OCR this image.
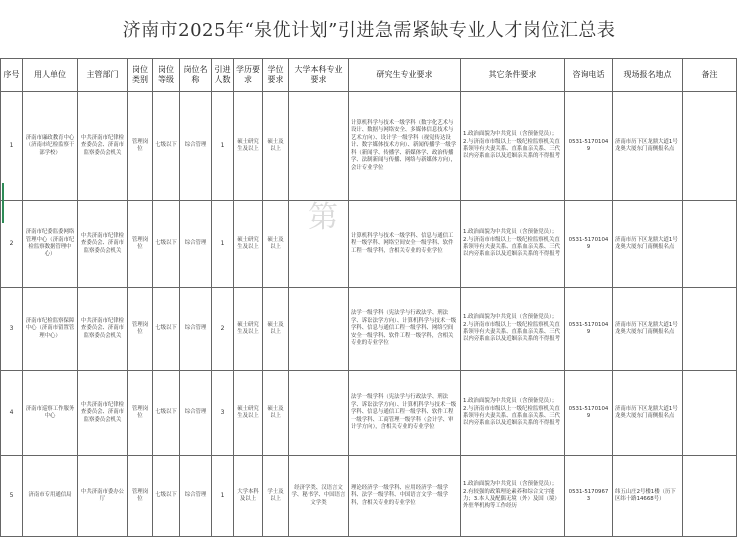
济南市2025年“泉优计划”引进急需紧缺专业人才岗位汇总表
序号	用人单位	主管部门	岗位类别	岗位等级	岗位名称	引进人数	学历要求	学位要求	大学本科专业要求	研究生专业要求	其它条件要求	咨询电话	现场报名地点	备注
1	济南市廉政教育中心（济南市纪检监察干部学校）	中共济南市纪律检查委员会、济南市监察委员会机关	管理岗位	七级以下	综合管理	1	硕士研究生及以上	硕士及以上		计算机科学与技术一级学科（数字化艺术与设计、数据与网络安全、多媒体信息技术与艺术方向）、设计学一级学科（视觉传达设计、数字媒体技术方向）、新闻传播学一级学科（新闻学、传播学、新媒体学、政治传播学、法制新闻与传播、网络与新媒体方向），会计专业学位	1.政治面貌为中共党员（含预备党员）；2.与济南市市级以上一级纪检监察机关直系领导有夫妻关系、直系血亲关系、三代以内旁系血亲以及近姻亲关系的不得报考	0531-51701049	济南市历下区龙鼎大道1号龙奥大厦东门南侧报名点	
2	济南市纪委监委网络管理中心（济南市纪检监察数据管理中心）	中共济南市纪律检查委员会、济南市监察委员会机关	管理岗位	七级以下	综合管理	1	硕士研究生及以上	硕士及以上		计算机科学与技术一级学科、信息与通信工程一级学科、网络空间安全一级学科、软件工程一级学科，含相关专业的专业学位	1.政治面貌为中共党员（含预备党员）；2.与济南市市级以上一级纪检监察机关直系领导有夫妻关系、直系血亲关系、三代以内旁系血亲以及近姻亲关系的不得报考	0531-51701049	济南市历下区龙鼎大道1号龙奥大厦东门南侧报名点	
3	济南市纪检监察保障中心（济南市留置管理中心）	中共济南市纪律检查委员会、济南市监察委员会机关	管理岗位	七级以下	综合管理	2	硕士研究生及以上	硕士及以上		法学一级学科（宪法学与行政法学、刑法学、诉讼法学方向）、计算机科学与技术一级学科、信息与通信工程一级学科、网络空间安全一级学科、软件工程一级学科，含相关专业的专业学位	1.政治面貌为中共党员（含预备党员）；2.与济南市市级以上一级纪检监察机关直系领导有夫妻关系、直系血亲关系、三代以内旁系血亲以及近姻亲关系的不得报考	0531-51701049	济南市历下区龙鼎大道1号龙奥大厦东门南侧报名点	
4	济南市巡察工作服务中心	中共济南市纪律检查委员会、济南市监察委员会机关	管理岗位	七级以下	综合管理	3	硕士研究生及以上	硕士及以上		法学一级学科（宪法学与行政法学、刑法学、诉讼法学方向）、计算机科学与技术一级学科、信息与通信工程一级学科、软件工程一级学科、工商管理一级学科（会计学、审计学方向），含相关专业的专业学位	1.政治面貌为中共党员（含预备党员）；2.与济南市市级以上一级纪检监察机关直系领导有夫妻关系、直系血亲关系、三代以内旁系血亲以及近姻亲关系的不得报考	0531-51701049	济南市历下区龙鼎大道1号龙奥大厦东门南侧报名点	
5	济南市专用通信局	中共济南市委办公厅	管理岗位	七级以下	综合管理	1	大学本科及以上	学士及以上	经济学类、汉语言文学、秘书学、中国语言文学类	理论经济学一级学科、应用经济学一级学科、法学一级学科、中国语言文学一级学科，含相关专业的专业学位	1.政治面貌为中共党员（含预备党员）；2.有较强的政策理论素养和综合文字能力；3.本人及配偶无境（外）及国（境）外驻华机构等工作经历	0531-51709673	纬五山庄2号楼1楼（历下区纬十路14668号）	
第
